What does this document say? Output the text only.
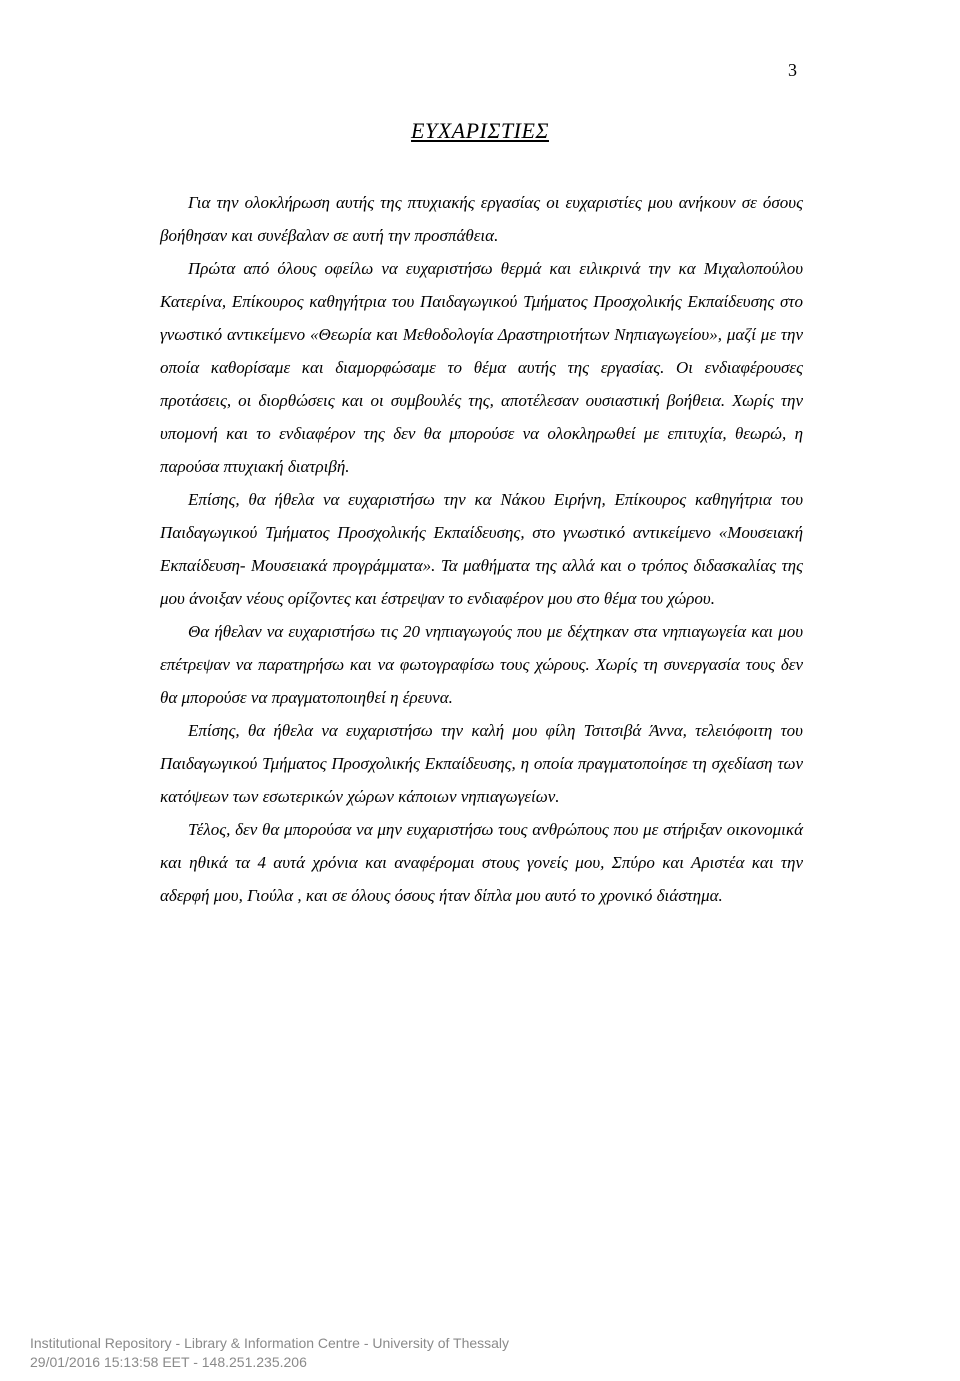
3
ΕΥΧΑΡΙΣΤΙΕΣ

Για την ολοκλήρωση αυτής της πτυχιακής εργασίας οι ευχαριστίες μου ανήκουν σε όσους βοήθησαν και συνέβαλαν σε αυτή την προσπάθεια.

Πρώτα από όλους οφείλω να ευχαριστήσω θερμά και ειλικρινά την κα Μιχαλοπούλου Κατερίνα, Επίκουρος καθηγήτρια του Παιδαγωγικού Τμήματος Προσχολικής Εκπαίδευσης στο γνωστικό αντικείμενο «Θεωρία και Μεθοδολογία Δραστηριοτήτων Νηπιαγωγείου», μαζί με την οποία καθορίσαμε και διαμορφώσαμε το θέμα αυτής της εργασίας. Οι ενδιαφέρουσες προτάσεις, οι διορθώσεις και οι συμβουλές της, αποτέλεσαν ουσιαστική βοήθεια. Χωρίς την υπομονή και το ενδιαφέρον της δεν θα μπορούσε να ολοκληρωθεί με επιτυχία, θεωρώ, η παρούσα πτυχιακή διατριβή.

Επίσης, θα ήθελα να ευχαριστήσω την κα Νάκου Ειρήνη, Επίκουρος καθηγήτρια του Παιδαγωγικού Τμήματος Προσχολικής Εκπαίδευσης, στο γνωστικό αντικείμενο «Μουσειακή Εκπαίδευση- Μουσειακά προγράμματα». Τα μαθήματα της αλλά και ο τρόπος διδασκαλίας της μου άνοιξαν νέους ορίζοντες και έστρεψαν το ενδιαφέρον μου στο θέμα του χώρου.

Θα ήθελαν να ευχαριστήσω τις 20 νηπιαγωγούς που με δέχτηκαν στα νηπιαγωγεία και μου επέτρεψαν να παρατηρήσω και να φωτογραφίσω τους χώρους. Χωρίς τη συνεργασία τους δεν θα μπορούσε να πραγματοποιηθεί η έρευνα.

Επίσης, θα ήθελα να ευχαριστήσω την καλή μου φίλη Τσιτσιβά Άννα, τελειόφοιτη του Παιδαγωγικού Τμήματος Προσχολικής Εκπαίδευσης, η οποία πραγματοποίησε τη σχεδίαση των κατόψεων των εσωτερικών χώρων κάποιων νηπιαγωγείων.

Τέλος, δεν θα μπορούσα να μην ευχαριστήσω τους ανθρώπους που με στήριξαν οικονομικά και ηθικά τα 4 αυτά χρόνια και αναφέρομαι στους γονείς μου, Σπύρο και Αριστέα και την αδερφή μου, Γιούλα , και σε όλους όσους ήταν δίπλα μου αυτό το χρονικό διάστημα.

Institutional Repository - Library & Information Centre - University of Thessaly
29/01/2016 15:13:58 EET - 148.251.235.206
